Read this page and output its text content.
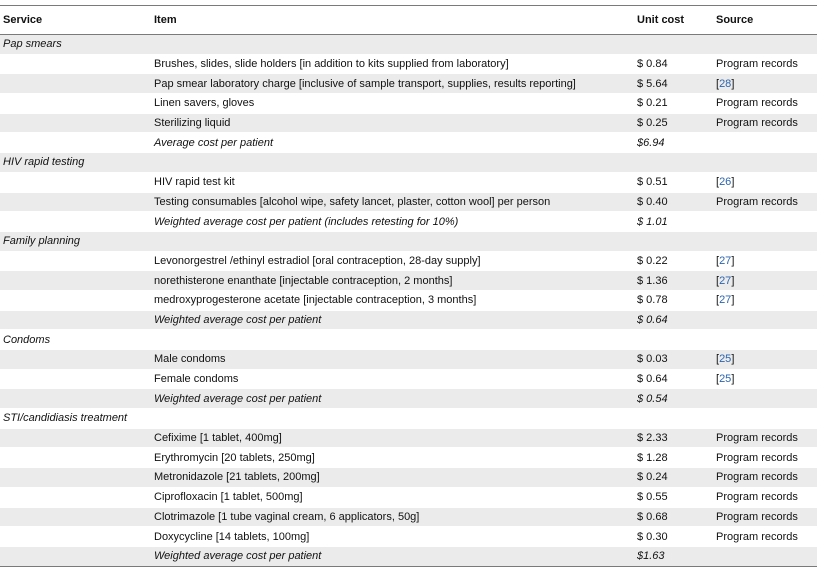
Service	Item	Unit cost	Source
Pap smears			
	Brushes, slides, slide holders [in addition to kits supplied from laboratory]	$ 0.84	Program records
	Pap smear laboratory charge [inclusive of sample transport, supplies, results reporting]	$ 5.64	[28]
	Linen savers, gloves	$ 0.21	Program records
	Sterilizing liquid	$ 0.25	Program records
	Average cost per patient	$6.94	
HIV rapid testing			
	HIV rapid test kit	$ 0.51	[26]
	Testing consumables [alcohol wipe, safety lancet, plaster, cotton wool] per person	$ 0.40	Program records
	Weighted average cost per patient (includes retesting for 10%)	$ 1.01	
Family planning			
	Levonorgestrel /ethinyl estradiol [oral contraception, 28-day supply]	$ 0.22	[27]
	norethisterone enanthate [injectable contraception, 2 months]	$ 1.36	[27]
	medroxyprogesterone acetate [injectable contraception, 3 months]	$ 0.78	[27]
	Weighted average cost per patient	$ 0.64	
Condoms			
	Male condoms	$ 0.03	[25]
	Female condoms	$ 0.64	[25]
	Weighted average cost per patient	$ 0.54	
STI/candidiasis treatment			
	Cefixime [1 tablet, 400mg]	$ 2.33	Program records
	Erythromycin [20 tablets, 250mg]	$ 1.28	Program records
	Metronidazole [21 tablets, 200mg]	$ 0.24	Program records
	Ciprofloxacin [1 tablet, 500mg]	$ 0.55	Program records
	Clotrimazole [1 tube vaginal cream, 6 applicators, 50g]	$ 0.68	Program records
	Doxycycline [14 tablets, 100mg]	$ 0.30	Program records
	Weighted average cost per patient	$1.63	
